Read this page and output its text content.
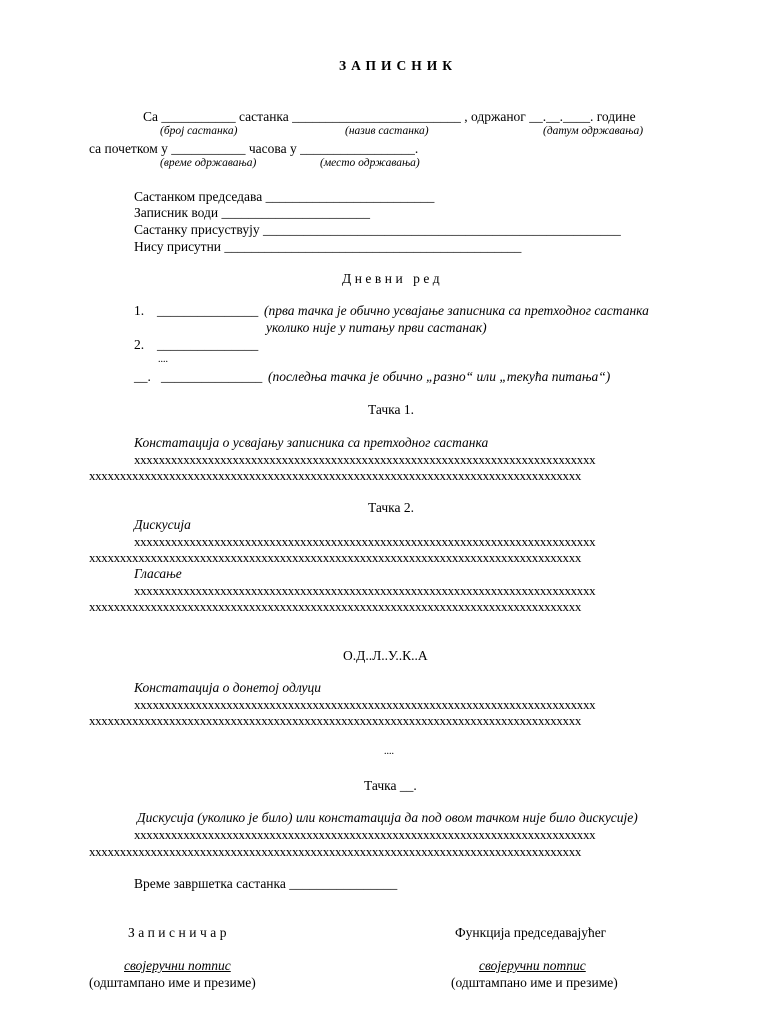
ЗАПИСНИК
Са ___________ састанка _________________________ , одржаног __.__.____. године
(број састанка)	(назив састанка)	(датум одржавања)
са почетком у ___________ часова у _________________.
(време одржавања)	(место одржавања)
Састанком председава _________________________
Записник води ______________________
Састанку присуствују _____________________________________________________
Нису присутни ____________________________________________
Дневни ред
1. _______________ (прва тачка је обично усвајање записника са претходног састанка
уколико није у питању први састанак)
2. _______________
....
__. _______________ (последња тачка је обично „разно“ или „текућа питања“)
Тачка 1.
Констатација о усвајању записника са претходног састанка
xxxxxxxxxxxxxxxxxxxxxxxxxxxxxxxxxxxxxxxxxxxxxxxxxxxxxxxxxxxxxxxxxxxxxxxxxxx
xxxxxxxxxxxxxxxxxxxxxxxxxxxxxxxxxxxxxxxxxxxxxxxxxxxxxxxxxxxxxxxxxxxxxxxxxxxxxxxx
Тачка 2.
Дискусија
xxxxxxxxxxxxxxxxxxxxxxxxxxxxxxxxxxxxxxxxxxxxxxxxxxxxxxxxxxxxxxxxxxxxxxxxxxx
xxxxxxxxxxxxxxxxxxxxxxxxxxxxxxxxxxxxxxxxxxxxxxxxxxxxxxxxxxxxxxxxxxxxxxxxxxxxxxxx
Гласање
xxxxxxxxxxxxxxxxxxxxxxxxxxxxxxxxxxxxxxxxxxxxxxxxxxxxxxxxxxxxxxxxxxxxxxxxxxx
xxxxxxxxxxxxxxxxxxxxxxxxxxxxxxxxxxxxxxxxxxxxxxxxxxxxxxxxxxxxxxxxxxxxxxxxxxxxxxxx
О.Д..Л..У..К..А
Констатација о донетој одлуци
xxxxxxxxxxxxxxxxxxxxxxxxxxxxxxxxxxxxxxxxxxxxxxxxxxxxxxxxxxxxxxxxxxxxxxxxxxx
xxxxxxxxxxxxxxxxxxxxxxxxxxxxxxxxxxxxxxxxxxxxxxxxxxxxxxxxxxxxxxxxxxxxxxxxxxxxxxxx
....
Тачка __.
Дискусија (уколико је било) или констатација да под овом тачком није било дискусије)
xxxxxxxxxxxxxxxxxxxxxxxxxxxxxxxxxxxxxxxxxxxxxxxxxxxxxxxxxxxxxxxxxxxxxxxxxxx
xxxxxxxxxxxxxxxxxxxxxxxxxxxxxxxxxxxxxxxxxxxxxxxxxxxxxxxxxxxxxxxxxxxxxxxxxxxxxxxx
Време завршетка састанка ________________
Записничар	Функција председавајућег
својеручни потпис	својеручни потпис
(одштампано име и презиме)	(одштампано име и презиме)
